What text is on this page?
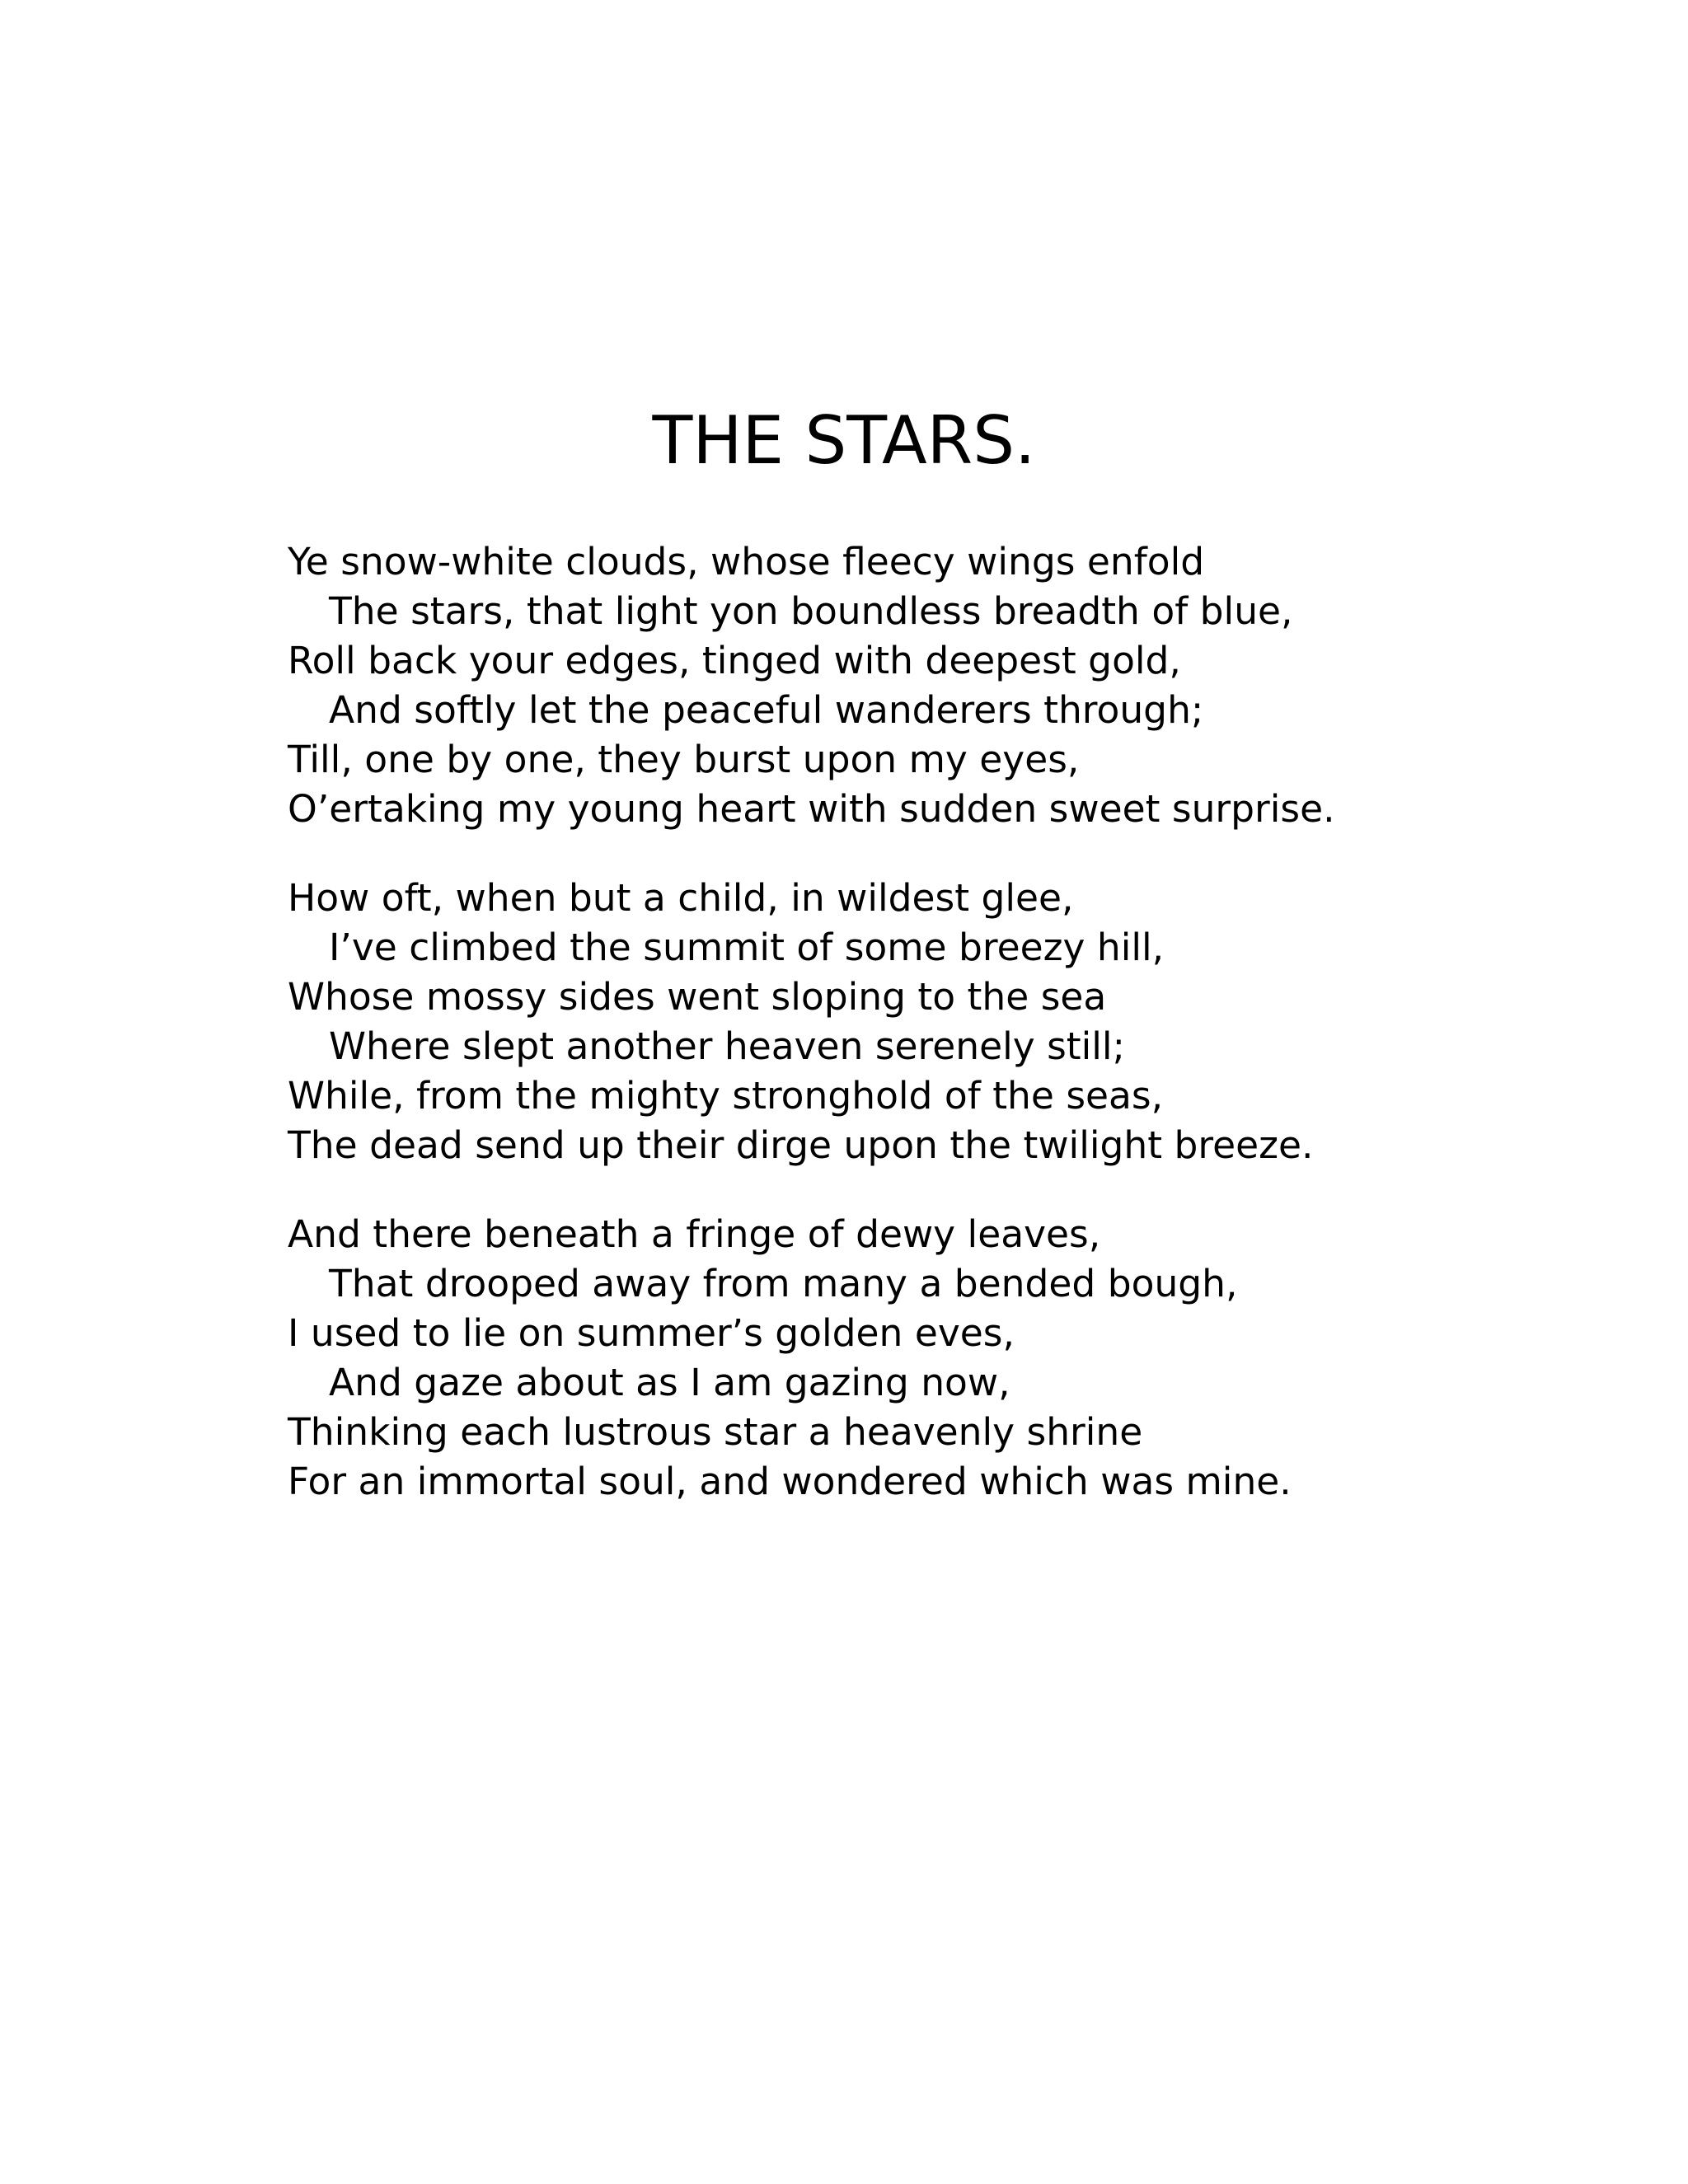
THE STARS.
Ye snow-white clouds, whose fleecy wings enfold
The stars, that light yon boundless breadth of blue,
Roll back your edges, tinged with deepest gold,
And softly let the peaceful wanderers through;
Till, one by one, they burst upon my eyes,
O’ertaking my young heart with sudden sweet surprise.
How oft, when but a child, in wildest glee,
I’ve climbed the summit of some breezy hill,
Whose mossy sides went sloping to the sea
Where slept another heaven serenely still;
While, from the mighty stronghold of the seas,
The dead send up their dirge upon the twilight breeze.
And there beneath a fringe of dewy leaves,
That drooped away from many a bended bough,
I used to lie on summer’s golden eves,
And gaze about as I am gazing now,
Thinking each lustrous star a heavenly shrine
For an immortal soul, and wondered which was mine.
